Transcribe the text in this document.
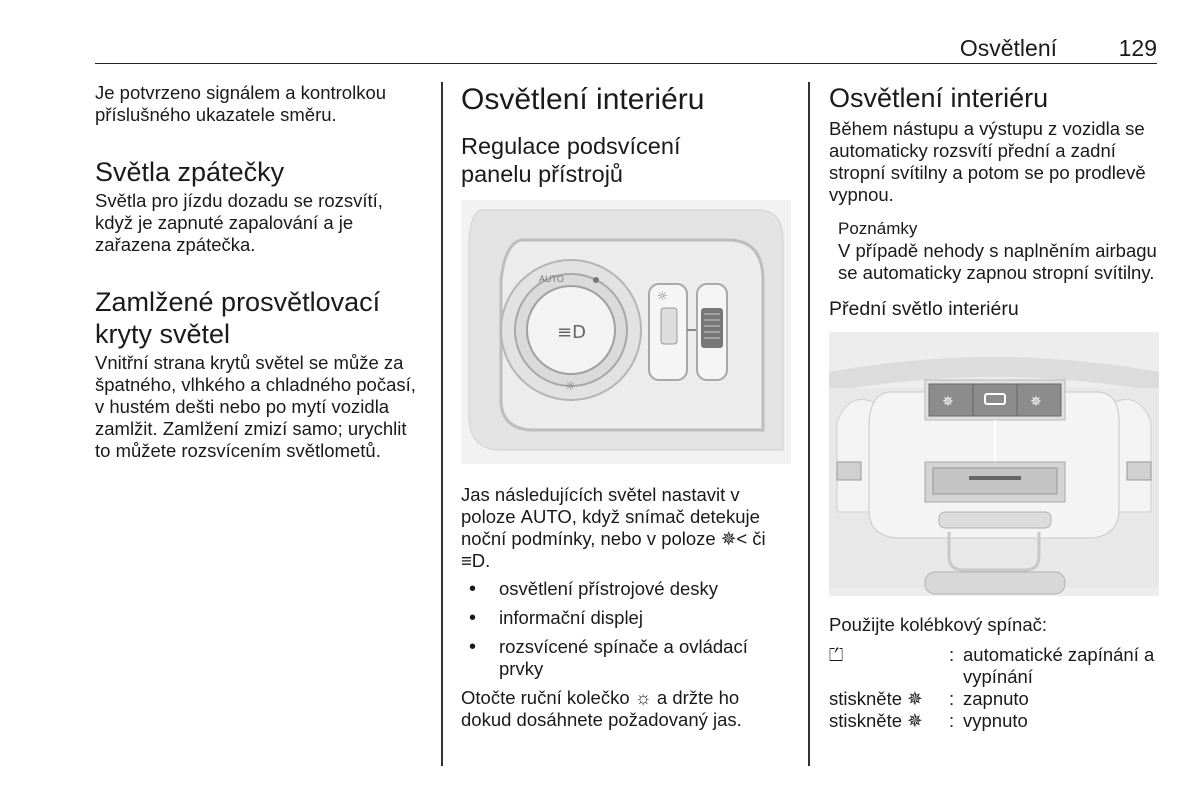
Osvětlení	129

Je potvrzeno signálem a kontrolkou příslušného ukazatele směru.

Světla zpátečky

Světla pro jízdu dozadu se rozsvítí, když je zapnuté zapalování a je zařazena zpátečka.

Zamlžené prosvětlovací
kryty světel

Vnitřní strana krytů světel se může za špatného, vlhkého a chladného počasí, v hustém dešti nebo po mytí vozidla zamlžit. Zamlžení zmizí samo; urychlit to můžete rozsvícením světlometů.

Osvětlení interiéru
Regulace podsvícení
panelu přístrojů
AUTO
≡D
☼
☼

Jas následujících světel nastavit v poloze AUTO, když snímač detekuje noční podmínky, nebo v poloze ✵< či ≡D.

• osvětlení přístrojové desky
• informační displej
• rozsvícené spínače a ovládací prvky

Otočte ruční kolečko ☼ a držte ho dokud dosáhnete požadovaný jas.

Osvětlení interiéru

Během nástupu a výstupu z vozidla se automaticky rozsvítí přední a zadní stropní svítilny a potom se po prodlevě vypnou.

Poznámky

V případě nehody s naplněním airbagu se automaticky zapnou stropní svítilny.

Přední světlo interiéru
✵	✵

Použijte kolébkový spínač:

⏍	: automatické zapínání a vypínání
stiskněte ✵	: zapnuto
stiskněte ✵	: vypnuto
